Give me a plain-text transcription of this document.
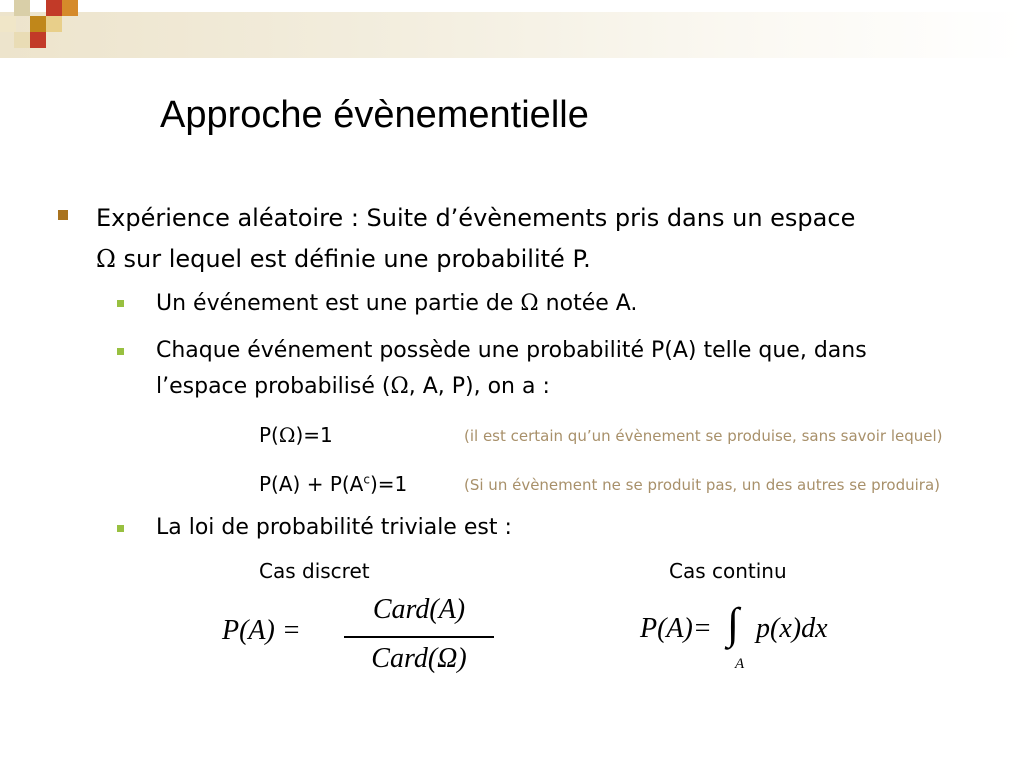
Approche évènementielle
Expérience aléatoire : Suite d’évènements pris dans un espace
Ω sur lequel est définie une probabilité P.
Un événement est une partie de Ω notée A.
Chaque événement possède une probabilité P(A) telle que, dans
l’espace probabilisé (Ω, A, P), on a :
P(Ω)=1	(il est certain qu’un évènement se produise, sans savoir lequel)
$P(A) + P(A^c)=1$	(Si un évènement ne se produit pas, un des autres se produira)
La loi de probabilité triviale est :
Cas discret	Cas continu
P(A) =
Card(A)
Card(Ω)
P(A)= ∫
A
p(x)dx
